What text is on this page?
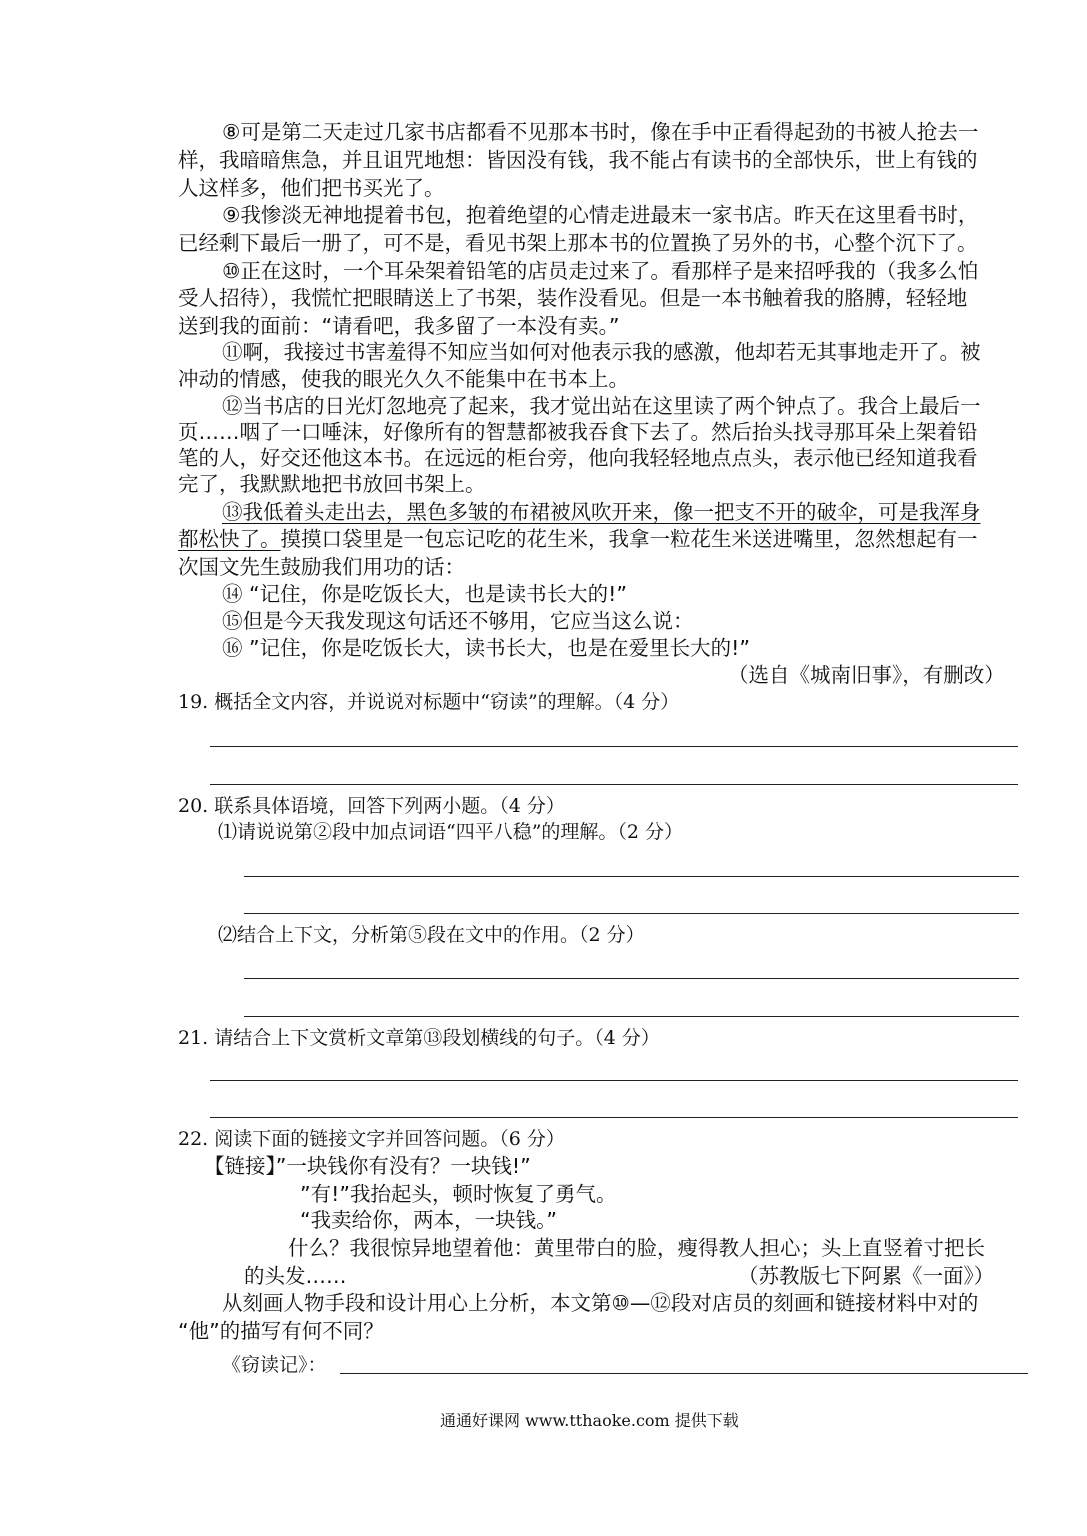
⑧可是第二天走过几家书店都看不见那本书时，像在手中正看得起劲的书被人抢去一

样，我暗暗焦急，并且诅咒地想：皆因没有钱，我不能占有读书的全部快乐，世上有钱的

人这样多，他们把书买光了。

⑨我惨淡无神地提着书包，抱着绝望的心情走进最末一家书店。昨天在这里看书时，

已经剩下最后一册了，可不是，看见书架上那本书的位置换了另外的书，心整个沉下了。

⑩正在这时，一个耳朵架着铅笔的店员走过来了。看那样子是来招呼我的（我多么怕

受人招待），我慌忙把眼睛送上了书架，装作没看见。但是一本书触着我的胳膊，轻轻地

送到我的面前：“请看吧，我多留了一本没有卖。”

⑪啊，我接过书害羞得不知应当如何对他表示我的感激，他却若无其事地走开了。被

冲动的情感，使我的眼光久久不能集中在书本上。

⑫当书店的日光灯忽地亮了起来，我才觉出站在这里读了两个钟点了。我合上最后一

页……咽了一口唾沫，好像所有的智慧都被我吞食下去了。然后抬头找寻那耳朵上架着铅

笔的人，好交还他这本书。在远远的柜台旁，他向我轻轻地点点头，表示他已经知道我看

完了，我默默地把书放回书架上。

⑬我低着头走出去，黑色多皱的布裙被风吹开来，像一把支不开的破伞，可是我浑身

都松快了。摸摸口袋里是一包忘记吃的花生米，我拿一粒花生米送进嘴里，忽然想起有一

次国文先生鼓励我们用功的话：

⑭ “记住，你是吃饭长大，也是读书长大的!”

⑮但是今天我发现这句话还不够用，它应当这么说：

⑯ ”记住，你是吃饭长大，读书长大，也是在爱里长大的!”

（选自《城南旧事》，有删改）

19. 概括全文内容，并说说对标题中“窃读”的理解。（4 分）

20. 联系具体语境，回答下列两小题。（4 分）

⑴请说说第②段中加点词语“四平八稳”的理解。（2 分）

⑵结合上下文，分析第⑤段在文中的作用。（2 分）

21. 请结合上下文赏析文章第⑬段划横线的句子。（4 分）

22. 阅读下面的链接文字并回答问题。（6 分）

【链接】”一块钱你有没有？一块钱!”

”有!”我抬起头，顿时恢复了勇气。

“我卖给你，两本，一块钱。”

什么？我很惊异地望着他：黄里带白的脸，瘦得教人担心；头上直竖着寸把长

的头发……	（苏教版七下阿累《一面》）

从刻画人物手段和设计用心上分析，本文第⑩—⑫段对店员的刻画和链接材料中对的

“他”的描写有何不同？

《窃读记》：

通通好课网 www.tthaoke.com 提供下载
